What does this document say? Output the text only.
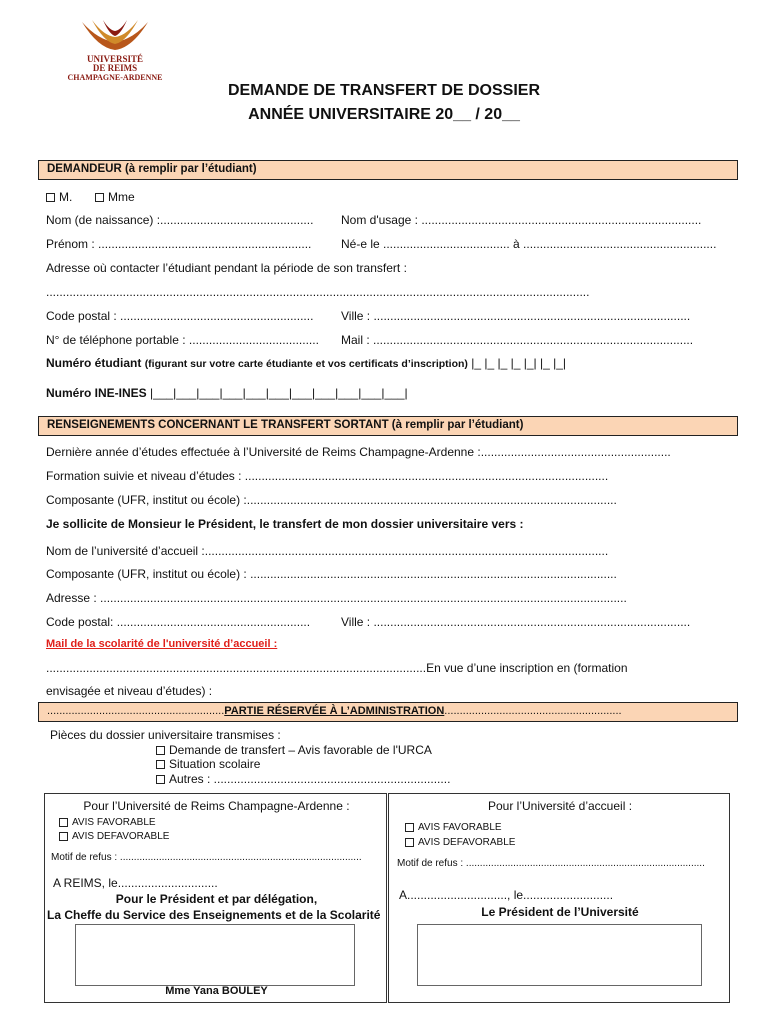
UNIVERSITÉ
DE REIMS
CHAMPAGNE-ARDENNE
DEMANDE DE TRANSFERT DE DOSSIER
ANNÉE UNIVERSITAIRE 20__ / 20__
DEMANDEUR (à remplir par l’étudiant)
M.	Mme
Nom (de naissance) :.............................................. Nom d'usage : ....................................................................................
Prénom : ................................................................ Né-e le ...................................... à ..........................................................
Adresse où contacter l’étudiant pendant la période de son transfert :
...................................................................................................................................................................
Code postal : .......................................................... Ville : ...............................................................................................
N° de téléphone portable : ....................................... Mail : ................................................................................................
Numéro étudiant (figurant sur votre carte étudiante et vos certificats d’inscription) |_ |_ |_ |_ |_| |_ |_|
Numéro INE-INES |___|___|___|___|___|___|___|___|___|___|___|
RENSEIGNEMENTS CONCERNANT LE TRANSFERT SORTANT (à remplir par l’étudiant)
Dernière année d’études effectuée à l’Université de Reims Champagne-Ardenne :.........................................................
Formation suivie et niveau d’études : .............................................................................................................
Composante (UFR, institut ou école) :...............................................................................................................
Je sollicite de Monsieur le Président, le transfert de mon dossier universitaire vers :
Nom de l’université d’accueil :.........................................................................................................................
Composante (UFR, institut ou école) : ..............................................................................................................
Adresse : ..............................................................................................................................................................
Code postal: ..........................................................	Ville : ...............................................................................................
Mail de la scolarité de l'université d’accueil :
..................................................................................................................En vue d’une inscription en (formation
envisagée et niveau d’études) :
..........................................................PARTIE RÉSERVÉE À L’ADMINISTRATION..........................................................
Pièces du dossier universitaire transmises :
Demande de transfert – Avis favorable de l'URCA
Situation scolaire
Autres : .......................................................................
Pour l’Université de Reims Champagne-Ardenne :
AVIS FAVORABLE
AVIS DEFAVORABLE
Motif de refus : .......................................................................................
A REIMS, le..............................
Pour le Président et par délégation,
La Cheffe du Service des Enseignements et de la Scolarité
Mme Yana BOULEY
Pour l’Université d’accueil :
AVIS FAVORABLE
AVIS DEFAVORABLE
Motif de refus : ......................................................................................
A.............................., le...........................
Le Président de l’Université
